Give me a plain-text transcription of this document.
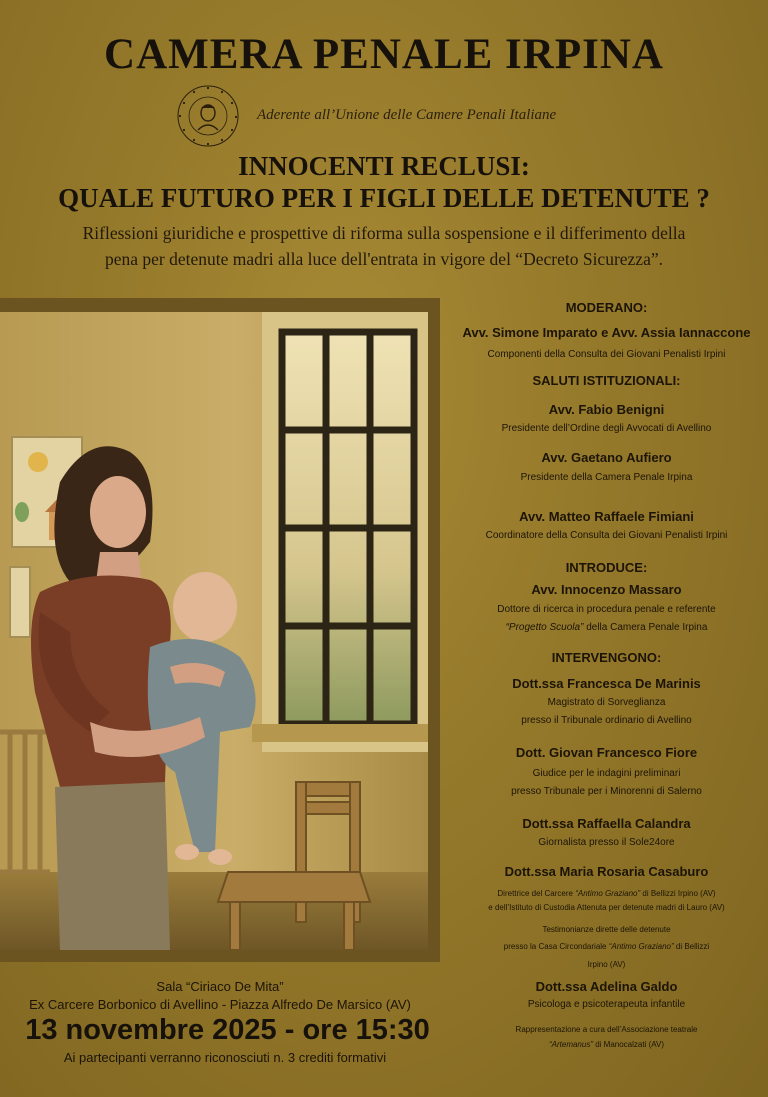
CAMERA PENALE IRPINA
Aderente all’Unione delle Camere Penali Italiane
INNOCENTI RECLUSI:
QUALE FUTURO PER I FIGLI DELLE DETENUTE ?
Riflessioni giuridiche e prospettive di riforma sulla sospensione e il differimento della
pena per detenute madri alla luce dell'entrata in vigore del “Decreto Sicurezza”.
MODERANO:
Avv. Simone Imparato e Avv. Assia Iannaccone
Componenti della Consulta dei Giovani Penalisti Irpini
SALUTI ISTITUZIONALI:
Avv. Fabio Benigni
Presidente dell’Ordine degli Avvocati di Avellino
Avv. Gaetano Aufiero
Presidente della Camera Penale Irpina
Avv. Matteo Raffaele Fimiani
Coordinatore della Consulta dei Giovani Penalisti Irpini
INTRODUCE:
Avv. Innocenzo Massaro
Dottore di ricerca in procedura penale e referente
“Progetto Scuola” della Camera Penale Irpina
INTERVENGONO:
Dott.ssa Francesca De Marinis
Magistrato di Sorveglianza
presso il Tribunale ordinario di Avellino
Dott. Giovan Francesco Fiore
Giudice per le indagini preliminari
presso Tribunale per i Minorenni di Salerno
Dott.ssa Raffaella Calandra
Giornalista presso il Sole24ore
Dott.ssa Maria Rosaria Casaburo
Direttrice del Carcere “Antimo Graziano” di Bellizzi Irpino (AV)
e dell’Istituto di Custodia Attenuta per detenute madri di Lauro (AV)
Testimonianze dirette delle detenute
presso la Casa Circondariale “Antimo Graziano” di Bellizzi
Irpino (AV)
Dott.ssa Adelina Galdo
Psicologa e psicoterapeuta infantile
Rappresentazione a cura dell’Associazione teatrale
“Artemanus” di Manocalzati (AV)
Sala “Ciriaco De Mita”
Ex Carcere Borbonico di Avellino - Piazza Alfredo De Marsico (AV)
13 novembre 2025 - ore 15:30
Ai partecipanti verranno riconosciuti n. 3 crediti formativi
